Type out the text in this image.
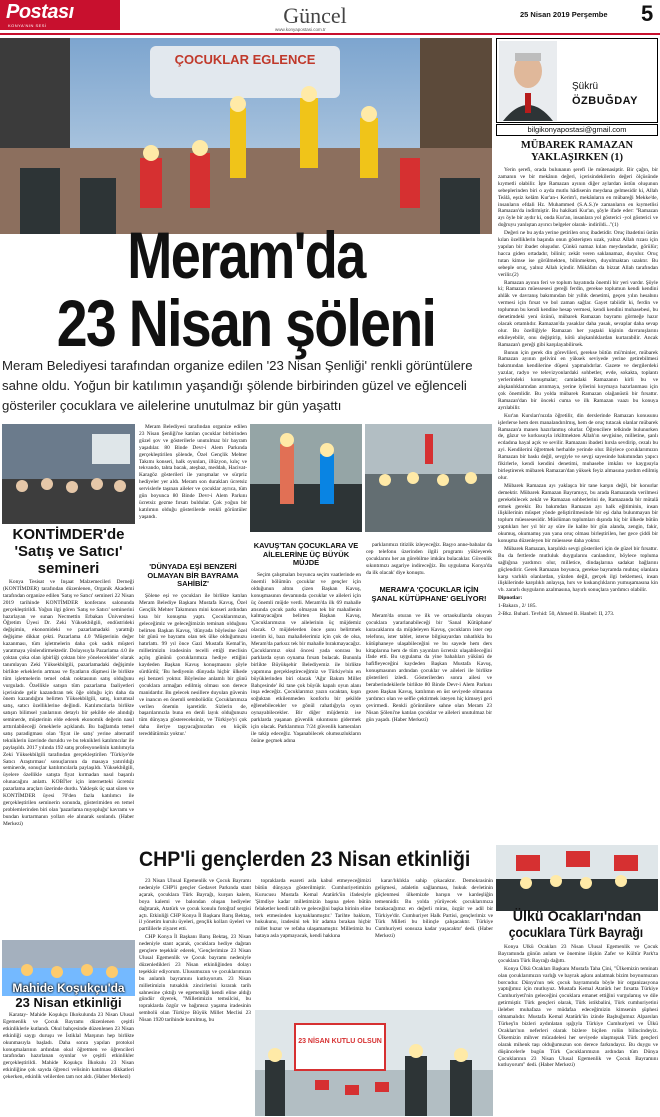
Postası
KONYA'NIN SESİ	Güncel
www.konyapostasi.com.tr
25 Nisan 2019 Perşembe 5
ÇOCUKLAR EGLENCE
Meram'da
23 Nisan şöleni
Meram Belediyesi tarafından organize edilen '23 Nisan Şenliği' renkli görüntülere sahne oldu. Yoğun bir katılımın yaşandığı şölende birbirinden güzel ve eğlenceli gösteriler çocuklara ve ailelerine unutulmaz bir gün yaşattı
KONTİMDER'de
'Satış ve Satıcı'
semineri

Konya Tesisat ve İnşaat Malzemecileri Derneği (KONTİMDER) tarafından düzenlenen, Organik Akademi tarafından organize edilen 'Satış ve Satıcı' semineri 22 Nisan 2019 tarihinde KONTİMDER konferans salonunda gerçekleştirildi. Yoğun ilgi gören 'Satış ve Satıcı' seminerini hazırlayan ve sunan Necmettin Erbakan Üniversitesi Öğretim Üyesi Dr. Zeki Yüksekbilgili, endüstrideki değişimin, ekonomideki ve pazarlamadaki yarattığı değişime dikkat çekti. Pazarlama 4.0 'Müşterinin değer kazanması, tüm işletmelerin daha çok sadık müşteri yaratmaya yönlendirmektedir. Dolayısıyla Pazarlama 4.0 ile çoktan çoka olan işbirliği çoktan bire yöneleceklder' olarak tanımlayan Zeki Yüksekbilgili, pazarlamadaki değişimle birlikte erkeklerin artması ve fiyatların düşmesi ile birlikte tüm işletmelerin temel odak noktasının satış olduğunu vurguladı. Özellikle satışın tüm pazarlama faaliyetleri içerisinde gelir kazandıran tek öğe olduğu için daha da önem kazandığını belirten Yüksekbilgili, satış, kurumsal satış, satıcı özelliklerine değindi. Katılımcılarla birlikte satışın bilimsel yanlarının detaylı bir şekilde ele alındığı seminerde, müşterinin elde ederek ekonomik değerin nasıl arttırılabileceği örneklerle açıklandı. Bu bağlamda temel satış paradigması olan 'fiyat ile satış' yerine alternatif tekniklerin üzerinde duruldu ve bu teknikleri katılımcılar ile paylaşıldı. 2017 yılında 192 satış profesyonelinin katılımıyla Zeki Yüksekbilgili tarafından gerçekleştirilen 'Türkiye'de Satıcı Araştırması' sonuçlarının da masaya yatırıldığı seminerde, sonuçlar katılımcılarla paylaşıldı. Yüksekbilgili, üyelere özellikle satışta fiyat kırmadan nasıl başarılı olunacağını anlattı. KOBİ'ler için internetteki ücretsiz pazarlama araçları üzerinde durdu. Yakleşık üç saat süren ve KONTİMDER üyesi 70'den fazla katılımcı ile gerçekleştirilen seminerin sonunda, gösterimiden en temel problemlerinden biri olan 'pazarlama mıyopluğu' kavramı ve bundan kurtarmanın yolları ele alınarak sonlandı. (Haber Merkezi)

Mahide Koşukçu'da
23 Nisan etkinliği

Karatay- Mahide Koşukçu İlkokulunda 23 Nisan Ulusal Egemenlik ve Çocuk Bayramı düzenlenen çeşitli etkinliklerle kutlandı. Okul bahçesinde düzenlenen 23 Nisan etkinliği saygı duruşu ve İstiklal Marşının hep birlikte okunmasıyla başladı. Daha sonra yapılan protokol konuşmalarının ardından okul öğretmen ve öğrencileri tarafından hazırlanan oyunlar ve çeşitli etkinlikler gerçekleştirildi. Mahide Koşukçu İlkokulu 23 Nisan etkinliğine çok sayıda öğrenci velisinin katılması dikkatleri çekerken, etkinlik velilerden tam not aldı. (Haber Merkezi)

Meram Belediyesi tarafından organize edilen 23 Nisan Şenliği'ne katılan çocuklar birbirinden güzel şov ve gösterilerle unutulmaz bir bayram yaşadılar. 80 Binde Devr-i Alem Parkında gerçekleştirilen şölende, Özel Gençlik Mehter Takımı konseri, halk oyunları, illüzyon, kılıç ve tekvando, tahta bacak, ateşbaz, meddah, Hacivat-Karagöz gösterileri ile yarışmalar ve sürpriz hediyeler yer aldı. Meram son durakları ücretsiz servislerle taşınan aileler ve çocuklar ayrıca, tüm gün boyunca 80 Binde Devr-i Alem Parkını ücretsiz gezme fırsatı buldular. Çok yoğun bir katılımın olduğu gösterilerde renkli görüntüler yaşandı.

'DÜNYADA EŞİ BENZERİ OLMAYAN BİR BAYRAMA SAHİBİZ'

Şölene eşi ve çocukları ile birlikte katılan Meram Belediye Başkanı Mustafa Kavuş, Özel Gençlik Mehter Takımının mini konseri ardından kısa bir konuşma yaptı. Çocuklarımızın, geleceğimiz ve geleceğimizin teminatı olduğunu belirten Başkan Kavuş, 'dünyada böylesine özel bir günü ve bayramı olan tek ülke olduğumuzu hatırlattı. 99 yıl önce Gazi Mustafa Kemal'in, milletimizin iradesinin tecelli ettiği meclisin açılış gününü çocuklarımıza hediye ettiğini kaydeden Başkan Kavuş konuşmasını şöyle sürdürdü; 'Bu hediyenin dünyada hiçbir ülkede eşi benzeri yoktur. Böylesine anlamlı bir günü çocuklara armağan edilmiş olması son derece manidardır. Bu gelecek nesillere duyulan güvenin ve inancın en önemli sembolüdür. Çocuklarımıza verilen önemin işaretidir. Sizlerin de, başarılarınızla buna en denli layık olduğunuzu tüm dünyaya göstereceksiniz, ve Türkiye'yi çok daha ileriye taşıyacağınızdan en küçük tereddütümüz yoktur.'

KAVUŞ'TAN ÇOCUKLARA VE AİLELERİNE ÜÇ BÜYÜK MÜJDE

Seçim çalışmaları boyunca seçim vaatlerinde en önemli bölümün çocuklar ve gençler için olduğunun altını çizen Başkan Kavuş, konuşmasının devamında çocuklar ve aileleri için üç önemli müjde verdi. Meram'da ilk 69 mahalle atısında çocuk parkı olmayan tek bir mahallenin kalmayacağını belirten Başkan Kavuş, 'Çocuklarımızın ve ailelerinin üç müjdemiz olacak. O müjdelerden önce şunu belirtmek isterim ki, bazı mahallelerimiz için çok de olsa, Meram'da parksız tek bir mahalle bırakmayacağız. Çocuklarımız okul öncesi yada sonrası bu parklarda oyun oynama fırsatı bulacak. Bununla birlikte Büyükşehir Belediyemiz ile birlikte yapımına gerçekleştireceğimiz ve Türkiye'nin en büyüklerinden biri olacak 'Ağır Bakım Millet Bahçesinde' iki tane çok büyük kapalı oyun alanı inşa edeceğiz. Çocuklarımız yazın sıcaktan, kışın soğuktan etkilenmeden konforlu bir şekilde eğlenebilecekler ve gönül rahatlığıyla oyun oynayabilecekler. Bir diğer müjdemiz ise parklarda yaşanan güvenlik sıkıntısını gidermek için olacak. Parklarımızı 7/24 güvenlik kameraları ile takip edeceğiz. Yaşanabilecek olumsuzlukların önüne geçmek adına

parklarımızı titizlik izleyeceğiz. Başyo anne-babalar da cep telefonu üzerinden ilgili programı yükleyerek çocuklarını her an görebilme imkânı bulacaklar. Güvenlik sıkıntımızı asgariye indireceğiz. Bu uygulama Konya'da da ilk olacak' diye konuştu.

MERAM'A 'ÇOCUKLAR İÇİN ŞANAL KÜTÜPHANE' GELİYOR!

Meram'da oturan ve ilk ve ortaokullarda okuyan çocuklara yararlanabileceği bir 'Sanal Kütüphane' kuracaklarını da müjdeleyen Kavuş, çocukların ister cep telefonu, ister tablet, isterse bilgisayardan rahatlıkla bu kütüphaneye ulaşabileceğini ve bu sayede hem ders kitaplarına hem de tüm yayınları ücretsiz ulaşabileceğini ifade etti. Bu uygulama da yine bahalıları yükünü de hafifleyeceğini kaydeden Başkan Mustafa Kavuş, konuşmasının ardından çocuklar ve aileleri ile birlikte gösterileri izledi. Gösterilerden sonra ailesi ve beraberindekilerle birlikte 80 Binde Devr-i Alem Parkını gezen Başkan Kavuş, katılımın en üst seviyede olmasına yardımcı olan ve selfie çektirmek isteyen hiç kimseyi geri çevirmedi. Renkli görüntülere sahne olan Meram 23 Nisan Şöleni'ne katılan çocuklar ve aileleri unutulmaz bir gün yaşadı. (Haber Merkezi)

CHP'li gençlerden 23 Nisan etkinliği

23 Nisan Ulusal Egemenlik ve Çocuk Bayramı nedeniyle CHP'li gençler Gedavet Parkında stant açarak, çocuklara Türk Bayrağı, kurşun kalem, boya kalemi ve balondan oluşan hediyeler dağıtarak, Atatürk ve çocuk konulu fotoğraf sergisi açtı. Etkinliği CHP Konya İl Başkanı Barış Bektaş, il yönetim kurulu üyeleri, gençlik kolları üyeleri ve partililerle ziyaret etti.

CHP Konya İl Başkanı Barış Bektaş, 23 Nisan nedeniyle stant açarak, çocuklara hediye dağıtan gençlere teşekkür ederek, 'Gençlerimize 23 Nisan Ulusal Egemenlik ve Çocuk bayramı nedeniyle düzenledikleri 23 Nisan etkinliğinden dolayı teşekkür ediyorum. Ulusumuzun ve çocuklarımızın bu anlamlı bayramını kutluyorum. 23 Nisan milletimizin tutsaklık zincirlerini kırarak tarih sahnesine çıktığı ve egemenliği kendi eline aldığı gündür diyerek, ''Milletimizin temsilcisi, bu topraklarda özgür ve bağımsız yaşama iradesinin sembolü olan Türkiye Büyük Millet Meclisi 23 Nisan 1920 tarihinde kurulmuş, bu

topraklarda esareti asla kabul etmeyeceğimizi bütün dünyaya gösterilmiştir. Cumhuriyetimizin Kurucusu Mustafa Kemal Atatürk'ün ifadesiyle 'Şimdiye kadar milletimizin başına gelen bütün felaketler kendi talih ve geleceğini başka birinin eline terk etmesinden kaynaklanmıştır.' Tarihte bakkım, hukukunu, iradesini tek bir adama bırakan hiçbir millet huzur ve refaha ulaşamamıştır. Milletimiz bu hataya asla yapmayacak, kendi hakkına

karar/lıklıkla sahip çıkacaktır. Demokrasinin gelişmesi, adaletin sağlanması, hukuk devletinin güçlenmesi ülkemizde barışın ve kardeşliğin temennidir. Bu yolda yürüyecek çocuklarımıza bırakacağımız en değerli miras, özgür ve adil bir Türkiye'dir. Cumhuriyet Halk Partisi, gençlerimiz ve Türk Milleti bu bilinçle çalışacaktır. Türkiye Cumhuriyeti sonsuza kadar yaşacaktır' dedi. (Haber Merkezi)

23 NİSAN KUTLU OLSUN
Şükrü
ÖZBUĞDAY
bilgikonyapostasi@gmail.com
MÜBAREK RAMAZAN
YAKLAŞIRKEN (1)

Yerin şerefi, orada bulunanın şerefi ile mütenasiptir. Bir çağın, bir zamanın ve bir mekânın değeri, içerisindekilerin değeri ölçüsünde kıymetli olabilir. İşte Ramazan ayının diğer aylardan üstün oluşunun sebeplerinden biri o ayda mutlu hâdisenin meydana gelmesidir ki, Allah Teâlâ, eşsiz kelâm Kur'an-ı Kerim'i, mekânların en mübareği Mekke'de, insanların efdali Hz. Muhammed (S.A.S.)'e zamanların en kıymetlisi Ramazan'da indirmiştir. Bu hakikati Kur'an, şöyle ifade eder: "Ramazan ayı öyle bir aydır ki, onda Kur'an, insanlara yol gösterici -yol gösterici ve doğruyu yanlıştan ayırıcı belgeler olarak- indirildi..."(1)

Değeri ne bu ayda yerine getirilen oruç ibadetidir. Oruç ibadetini üstün kılan özelliklerin başında onun gösterişten uzak, yalnız Allah rızası için yapılan bir ibadet oluşudur. Çünkü namaz kılan meydandadır, görülür; hacca giden ortadadır, bilinir; zekât veren saklanamaz, duyulur. Oruç tutan kimse ise görülmekten, bilinmekten, duyulmaktan uzaktır. Bu sebeple oruç, yalnız Allah içindir. Mükâfatı da bizzat Allah tarafından verilir.(2)

Ramazan ayının feri ve toplum hayatında önemli bir yeri vardır. Şöyle ki; Ramazan müessesesi gereği ferdin, gerekse toplumun kendi kendini ahlâk ve davranış bakımından bir yıllık denetimi, geçen yılın hesabını vermesi için fırsat ve bol zaman sağlar. Gayet tabiidir ki, ferdin ve toplumun bu kendi kendine hesap vermesi, kendi kendini muhasebesi, bu denetimdeki yeni özünü, mübarek Ramazan bayramı görmeğe hazır olacak ortamlıdır. Ramazan'da yasaklar daha yasak, sevaplar daha sevap olur. Bu özelliğiyle Ramazan her yaştaki kişinin davranışlarını etkileyebilir, onu değiştirip, kötü alışkanlıklardan kurtarabilir. Ancak Ramazan'ı gereği gibi karşılayabilirsek.

Bunun için gerek din görevlileri, gerekse bütün mü'minler, mübarek Ramazan ayının gelivini en yüksek seviyede yerine getirebilmesi bakımından kendilerine düşeni yapmalıdırlar. Gazete ve dergilerdeki yazılar, radyo ve televizyonlardaki sohbetler, evde, sokakta, toplantı yerlerindeki konuşmalar; camiadaki Ramazanın kirli bu ve alışkanlıklarından arınmaya, yerine iyilerini koymaya hazırlanması için çok önemlidir. Bu yolda mübarek Ramazan olağanüstü bir fırsattır. Ramazan'dan bir önceki cuma ve ilk Ramazan vaazı bu konuya ayrılabilir.

Kur'an Kursları'nızda öğretilir, din derslerinde Ramazan konusunu işlerlerse hem ders manalandırılmış, hem de oruç tutacak olanlar mübarek Ramazan'a manen hazırlanmış olurlar. Öğrencilere telkinde bulunurken de, gâzur ve korkusuyla irkiltmekten Allah'ın sevgisine, milletine, şanlı ecdadına hayal açık ve sevilir. Ramazanı ibadeti hırsla sevdirip, cezalı bu ayi. Kendilerini öğretmek herhalde yerinde olur. Böylece çocuklarımızın Ramazan bir baskı değil, sevgiyle ve sevgi sayesinde bakımından yapıcı fikirlerle, kendi kendini denetimi, muhasebe imkânı ve kaygısıyla birleştirerek mübarek Ramazan'dan yüksek feyiz almasına yardım edilmiş olur.

Mübarek Ramazan ayı yaklaşca bir tane karşın değil, bir konurlar demektir. Mübarek Ramazan Bayramıyz, bu arada Ramazanda verilmesi gerekebilecek zekât ve Ramazan sohbetlerini de, Ramazanda bir mütalâ etmek gerekir. Bu bakımdan Ramazan ayı halk eğitiminin, insan ilişkilerinin müspet yönde geliştirilmesinde bir eşi daha bulunmayan bir toplum müessesesidir. Müslüman toplumları dışında hiç bir ülkede bütün yaptıkları her yıl bir ay süre ile kalite bir gün alanda, zengin, fakir, okumuş, okumamış yan yana oruç olması birleştirilen, her gece çiddi bir konuşma düzenleyen bir müessese daha yoktur.

Mübarek Ramazan, karşılıklı sevgi gösterileri için de güzel bir fırsattır. Bu da fertlerde mutluluk duygularını canlandırır, böylece topluma sağlığına yardımcı olur, milletice, dindaşlarına sadakat bağlarını güçlendirir. Gerek Ramazan boyunca, gerekse bayramda muhtaç olanlara karşı varlıklı olanlardan, yüzden değil, gerçek ilgi beklemesi, insan ilişkilerinde karşılıklı anlayışa, hırs ve kıskançlıkların yumuşamasına kin vb. zararlı duyguların azalmasına, hayırlı sonuçlara yardımcı olabilir.

Dipnotlar:

1-Bakara , 2/ 185.

2-Bkz. Buhari. Tevhid: 50, Ahmed B. Hanbel: II, 273.

Ülkü Ocakları'ndan
çocuklara Türk Bayrağı

Konya Ülkü Ocakları 23 Nisan Ulusal Egemenlik ve Çocuk Bayramında günün anlam ve önemine ilişkin Zafer ve Kültür Park'ta çocuklara Türk Bayrağı dağıttı.

Konya Ülkü Ocakları Başkanı Mustafa Taha Çini, "Ülkemizin teminatı olan çocuklarımızın varlığı ve bayrak aşkını anlatmak bizim boynumuzun borcudur. Dünya'nın tek çocuk bayramında böyle bir organizasyona yaptığımız için mutluyuz. Mustafa Kemal Atatürk her fırsatta Türkiye Cumhuriyeti'nin geleceğini çocuklara emanet ettiğini vurgulamış ve dile getirmiştir. Türk gençleri olarak, Türk istikbalini, Türk cumhuriyetini ilelebet muhafaza ve müdafaa edeceğimizin kimsenin şüphesi olmamalıdır. Mustafa Kemal Atatürk'ün izinde Başbuğumuz Alparslan Türkeş'in bizleri aydınlatan ışığıyla Türkiye Cumhuriyeti ve Ülkü Ocakları'nın neferleri olarak bizlere biçilen rolün bilincindeyiz. Ülkemizin mihver mücadelesi her seviyede ulaşmışsak Türk gençleri olarak mihenk taşı olduğumuzun son derece farkındayız. Bu duygu ve düşüncelerle bugün Türk Çocuklarımızın ardından tüm Dünya Çocuklarının 23 Nisan Ulusal Egemenlik ve Çocuk Bayramını kutluyorum" dedi. (Haber Merkezi)
